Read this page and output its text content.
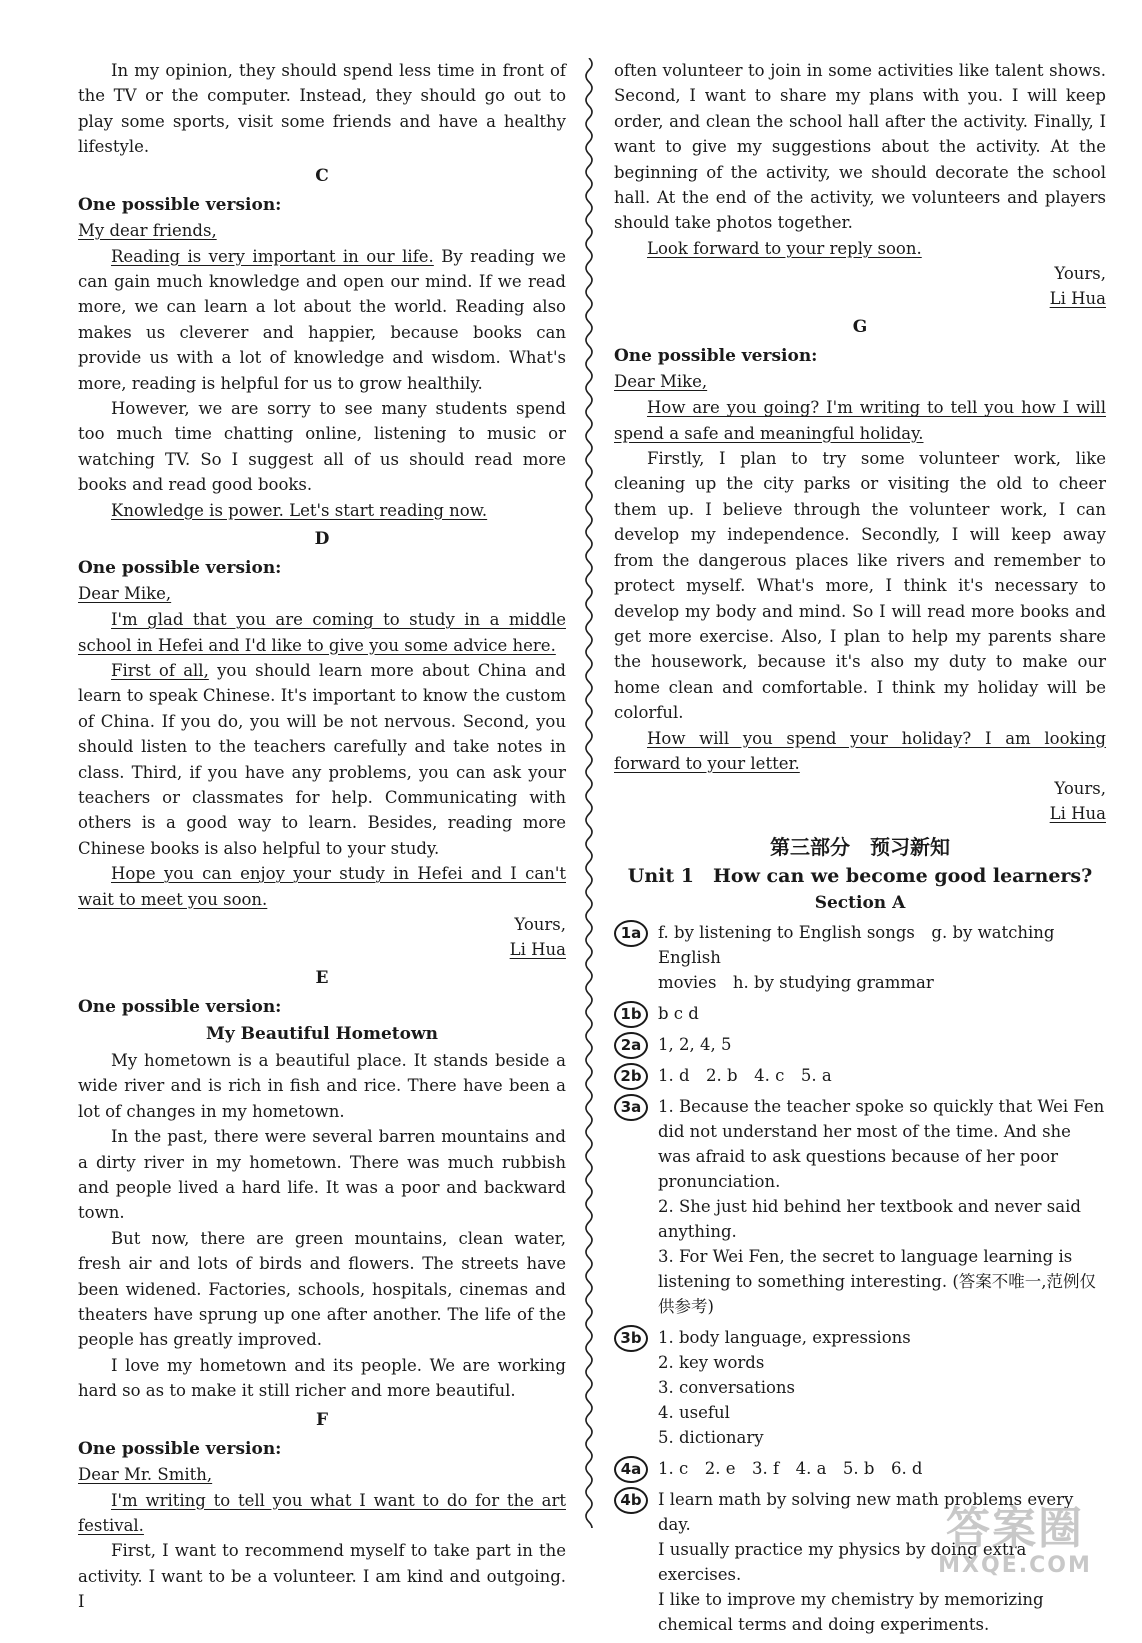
In my opinion, they should spend less time in front of the TV or the computer. Instead, they should go out to play some sports, visit some friends and have a healthy lifestyle.

C
One possible version:
My dear friends,

Reading is very important in our life. By reading we can gain much knowledge and open our mind. If we read more, we can learn a lot about the world. Reading also makes us cleverer and happier, because books can provide us with a lot of knowledge and wisdom. What's more, reading is helpful for us to grow healthily.

However, we are sorry to see many students spend too much time chatting online, listening to music or watching TV. So I suggest all of us should read more books and read good books.

Knowledge is power. Let's start reading now.

D
One possible version:
Dear Mike,

I'm glad that you are coming to study in a middle school in Hefei and I'd like to give you some advice here.

First of all, you should learn more about China and learn to speak Chinese. It's important to know the custom of China. If you do, you will be not nervous. Second, you should listen to the teachers carefully and take notes in class. Third, if you have any problems, you can ask your teachers or classmates for help. Communicating with others is a good way to learn. Besides, reading more Chinese books is also helpful to your study.

Hope you can enjoy your study in Hefei and I can't wait to meet you soon.

Yours,
Li Hua
E
One possible version:
My Beautiful Hometown

My hometown is a beautiful place. It stands beside a wide river and is rich in fish and rice. There have been a lot of changes in my hometown.

In the past, there were several barren mountains and a dirty river in my hometown. There was much rubbish and people lived a hard life. It was a poor and backward town.

But now, there are green mountains, clean water, fresh air and lots of birds and flowers. The streets have been widened. Factories, schools, hospitals, cinemas and theaters have sprung up one after another. The life of the people has greatly improved.

I love my hometown and its people. We are working hard so as to make it still richer and more beautiful.

F
One possible version:
Dear Mr. Smith,

I'm writing to tell you what I want to do for the art festival.

First, I want to recommend myself to take part in the activity. I want to be a volunteer. I am kind and outgoing. I

often volunteer to join in some activities like talent shows. Second, I want to share my plans with you. I will keep order, and clean the school hall after the activity. Finally, I want to give my suggestions about the activity. At the beginning of the activity, we should decorate the school hall. At the end of the activity, we volunteers and players should take photos together.

Look forward to your reply soon.

Yours,
Li Hua
G
One possible version:
Dear Mike,

How are you going? I'm writing to tell you how I will spend a safe and meaningful holiday.

Firstly, I plan to try some volunteer work, like cleaning up the city parks or visiting the old to cheer them up. I believe through the volunteer work, I can develop my independence. Secondly, I will keep away from the dangerous places like rivers and remember to protect myself. What's more, I think it's necessary to develop my body and mind. So I will read more books and get more exercise. Also, I plan to help my parents share the housework, because it's also my duty to make our home clean and comfortable. I think my holiday will be colorful.

How will you spend your holiday? I am looking forward to your letter.

Yours,
Li Hua
第三部分　预习新知
Unit 1　How can we become good learners?
Section A
1a	f. by listening to English songs　g. by watching English
movies　h. by studying grammar
1b b c d
2a	1, 2, 4, 5
2b 1. d　2. b　4. c　5. a
3a	1. Because the teacher spoke so quickly that Wei Fen did not understand her most of the time. And she was afraid to ask questions because of her poor pronunciation.
2. She just hid behind her textbook and never said anything.
3. For Wei Fen, the secret to language learning is listening to something interesting. (答案不唯一,范例仅供参考)
3b 1. body language, expressions
2. key words
3. conversations
4. useful
5. dictionary
4a	1. c　2. e　3. f　4. a　5. b　6. d
4b I learn math by solving new math problems every day.
I usually practice my physics by doing extra exercises.
I like to improve my chemistry by memorizing chemical terms and doing experiments.
答案圈
MXQE.COM
